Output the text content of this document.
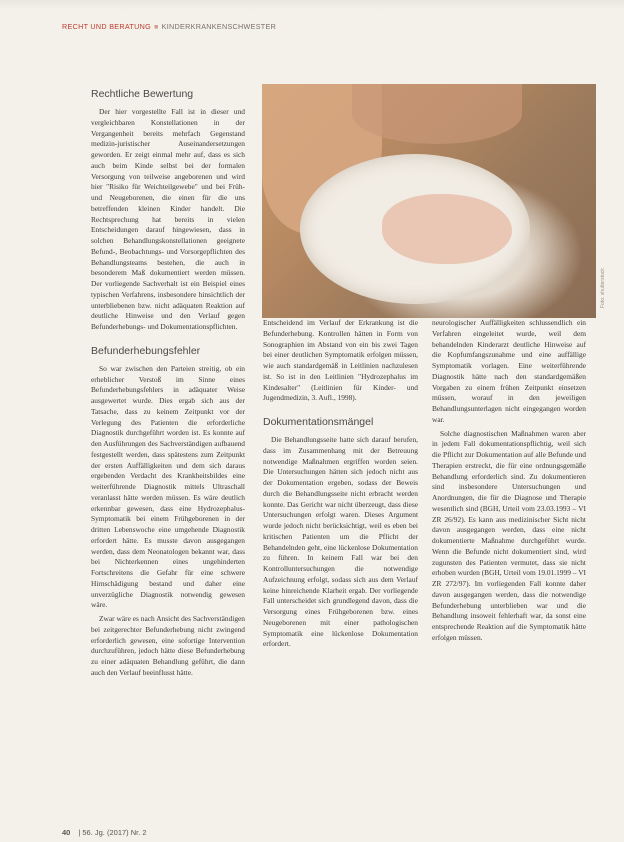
RECHT UND BERATUNG ■ KINDERKRANKENSCHWESTER
Rechtliche Bewertung

Der hier vorgestellte Fall ist in dieser und vergleichbaren Konstellationen in der Vergangenheit bereits mehrfach Gegenstand medizin-juristischer Auseinandersetzungen geworden. Er zeigt einmal mehr auf, dass es sich auch beim Kinde selbst bei der formalen Versorgung von teilweise angeborenen und wird hier "Risiko für Weichteilgewebe" und bei Früh- und Neugeborenen, die einen für die uns betreffenden kleinen Kinder handelt. Die Rechtsprechung hat bereits in vielen Entscheidungen darauf hingewiesen, dass in solchen Behandlungskonstellationen geeignete Befund-, Beobachtungs- und Vorsorgepflichten des Behandlungsteams bestehen, die auch in besonderem Maß dokumentiert werden müssen. Der vorliegende Sachverhalt ist ein Beispiel eines typischen Verfahrens, insbesondere hinsichtlich der unterbliebenen bzw. nicht adäquaten Reaktion auf deutliche Hinweise und den Verlauf gegen Befunderhebungs- und Dokumentationspflichten.

Befunderhebungsfehler

So war zwischen den Parteien streitig, ob ein erheblicher Verstoß im Sinne eines Befunderhebungsfehlers in adäquater Weise ausgewertet wurde. Dies ergab sich aus der Tatsache, dass zu keinem Zeitpunkt vor der Verlegung des Patienten die erforderliche Diagnostik durchgeführt worden ist. Es konnte auf den Ausführungen des Sachverständigen aufbauend festgestellt werden, dass spätestens zum Zeitpunkt der ersten Auffälligkeiten und dem sich daraus ergebenden Verdacht des Krankheitsbildes eine weiterführende Diagnostik mittels Ultraschall veranlasst hätte werden müssen. Es wäre deutlich erkennbar gewesen, dass eine Hydrozephalus-Symptomatik bei einem Frühgeborenen in der dritten Lebenswoche eine umgehende Diagnostik erfordert hätte. Es musste davon ausgegangen werden, dass dem Neonatologen bekannt war, dass bei Nichterkennen eines ungehinderten Fortschreitens die Gefahr für eine schwere Hirnschädigung bestand und daher eine unverzügliche Diagnostik notwendig gewesen wäre.

Zwar wäre es nach Ansicht des Sachverständigen bei zeitgerechter Befunderhebung nicht zwingend erforderlich gewesen, eine sofortige Intervention durchzuführen, jedoch hätte diese Befunderhebung zu einer adäquaten Behandlung geführt, die dann auch den Verlauf beeinflusst hätte.

Foto: shutterstock

Entscheidend im Verlauf der Erkrankung ist die Befunderhebung. Kontrollen hätten in Form von Sonographien im Abstand von ein bis zwei Tagen bei einer deutlichen Symptomatik erfolgen müssen, wie auch standardgemäß in Leitlinien nachzulesen ist. So ist in den Leitlinien "Hydrozephalus im Kindesalter" (Leitlinien für Kinder- und Jugendmedizin, 3. Aufl., 1998).

Dokumentationsmängel

Die Behandlungsseite hatte sich darauf berufen, dass im Zusammenhang mit der Betreuung notwendige Maßnahmen ergriffen worden seien. Die Untersuchungen hätten sich jedoch nicht aus der Dokumentation ergeben, sodass der Beweis durch die Behandlungsseite nicht erbracht werden konnte. Das Gericht war nicht überzeugt, dass diese Untersuchungen erfolgt waren. Dieses Argument wurde jedoch nicht berücksichtigt, weil es eben bei kritischen Patienten um die Pflicht der Behandelnden geht, eine lückenlose Dokumentation zu führen. In keinem Fall war bei den Kontrolluntersuchungen die notwendige Aufzeichnung erfolgt, sodass sich aus dem Verlauf keine hinreichende Klarheit ergab. Der vorliegende Fall unterscheidet sich grundlegend davon, dass die Versorgung eines Frühgeborenen bzw. eines Neugeborenen mit einer pathologischen Symptomatik eine lückenlose Dokumentation erfordert.

neurologischer Auffälligkeiten schlussendlich ein Verfahren eingeleitet wurde, weil dem behandelnden Kinderarzt deutliche Hinweise auf die Kopfumfangszunahme und eine auffällige Symptomatik vorlagen. Eine weiterführende Diagnostik hätte nach den standardgemäßen Vorgaben zu einem frühen Zeitpunkt einsetzen müssen, worauf in den jeweiligen Behandlungsunterlagen nicht eingegangen worden war.

Solche diagnostischen Maßnahmen waren aber in jedem Fall dokumentationspflichtig, weil sich die Pflicht zur Dokumentation auf alle Befunde und Therapien erstreckt, die für eine ordnungsgemäße Behandlung erforderlich sind. Zu dokumentieren sind insbesondere Untersuchungen und Anordnungen, die für die Diagnose und Therapie wesentlich sind (BGH, Urteil vom 23.03.1993 – VI ZR 26/92). Es kann aus medizinischer Sicht nicht davon ausgegangen werden, dass eine nicht dokumentierte Maßnahme durchgeführt wurde. Wenn die Befunde nicht dokumentiert sind, wird zugunsten des Patienten vermutet, dass sie nicht erhoben wurden (BGH, Urteil vom 19.01.1999 – VI ZR 272/97). Im vorliegenden Fall konnte daher davon ausgegangen werden, dass die notwendige Befunderhebung unterblieben war und die Behandlung insoweit fehlerhaft war, da sonst eine entsprechende Reaktion auf die Symptomatik hätte erfolgen müssen.

40 | 56. Jg. (2017) Nr. 2
